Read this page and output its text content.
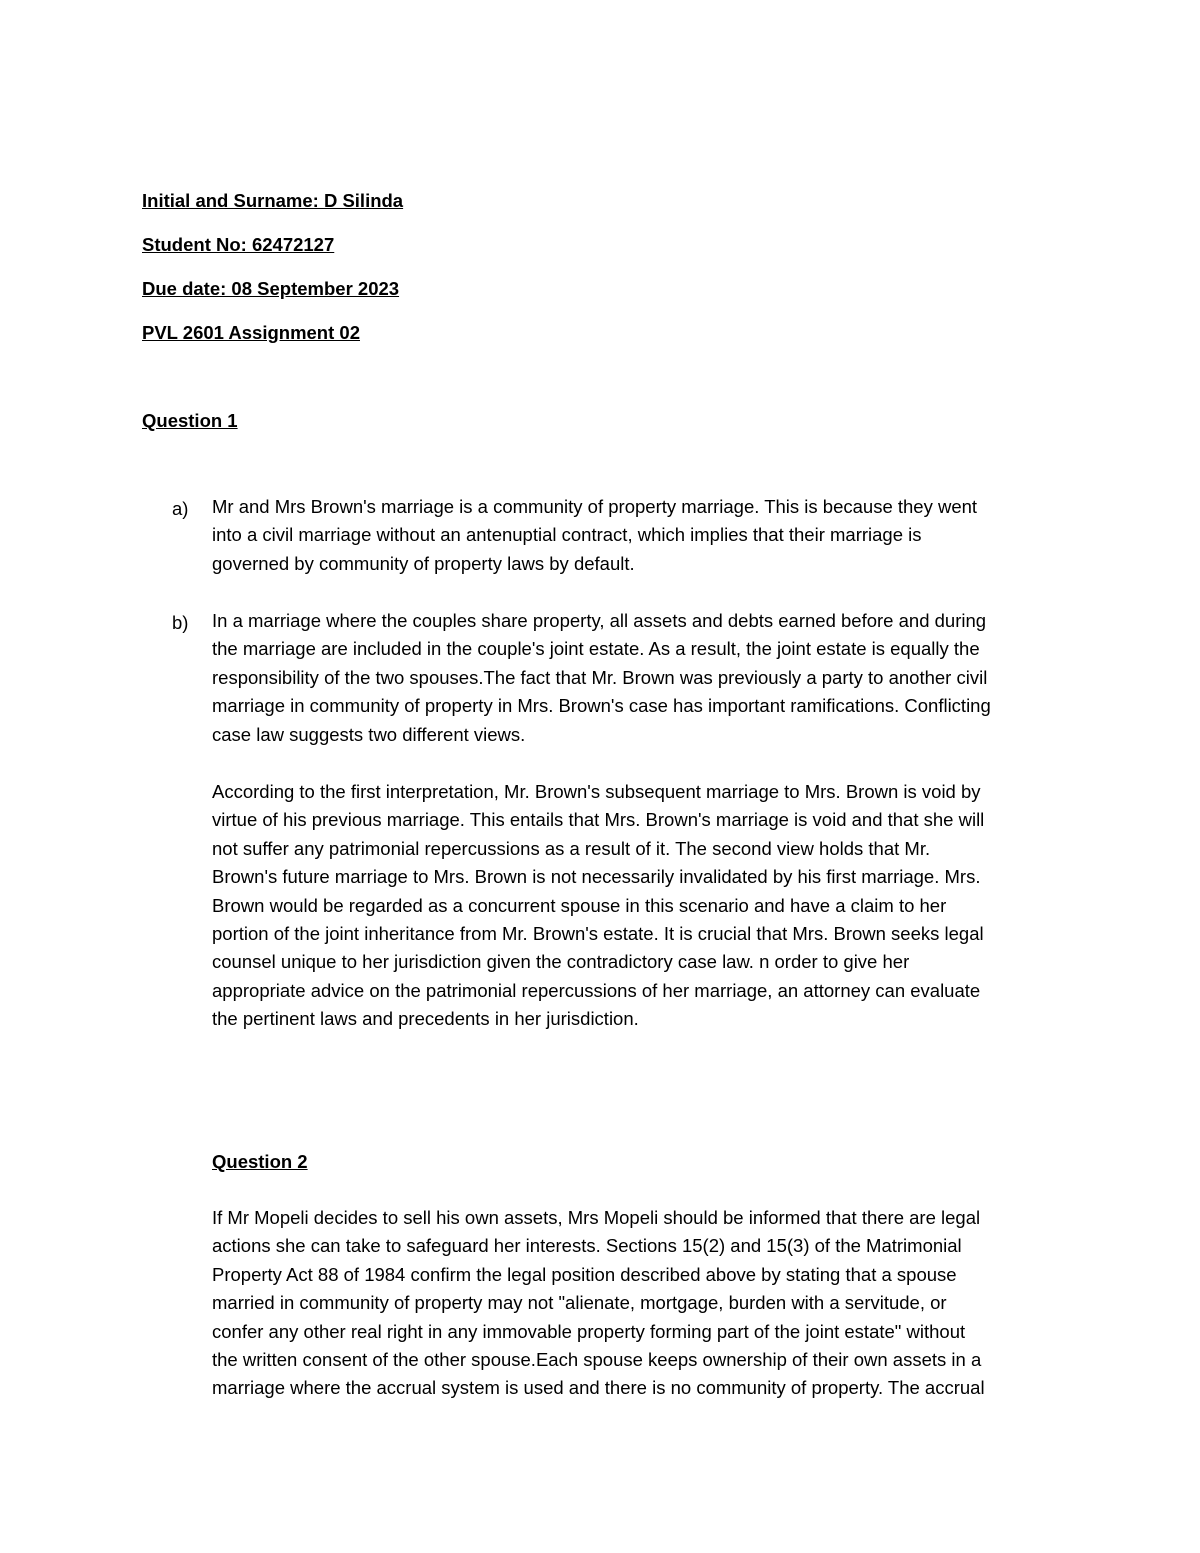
Initial and Surname: D Silinda
Student No: 62472127
Due date: 08 September 2023
PVL 2601 Assignment 02
Question 1
a) Mr and Mrs Brown's marriage is a community of property marriage. This is because they went
into a civil marriage without an antenuptial contract, which implies that their marriage is
governed by community of property laws by default.

b) In a marriage where the couples share property, all assets and debts earned before and during
the marriage are included in the couple's joint estate. As a result, the joint estate is equally the
responsibility of the two spouses.The fact that Mr. Brown was previously a party to another civil
marriage in community of property in Mrs. Brown's case has important ramifications. Conflicting
case law suggests two different views.

According to the first interpretation, Mr. Brown's subsequent marriage to Mrs. Brown is void by
virtue of his previous marriage. This entails that Mrs. Brown's marriage is void and that she will
not suffer any patrimonial repercussions as a result of it. The second view holds that Mr.
Brown's future marriage to Mrs. Brown is not necessarily invalidated by his first marriage. Mrs.
Brown would be regarded as a concurrent spouse in this scenario and have a claim to her
portion of the joint inheritance from Mr. Brown's estate. It is crucial that Mrs. Brown seeks legal
counsel unique to her jurisdiction given the contradictory case law. n order to give her
appropriate advice on the patrimonial repercussions of her marriage, an attorney can evaluate
the pertinent laws and precedents in her jurisdiction.

Question 2

If Mr Mopeli decides to sell his own assets, Mrs Mopeli should be informed that there are legal
actions she can take to safeguard her interests. Sections 15(2) and 15(3) of the Matrimonial
Property Act 88 of 1984 confirm the legal position described above by stating that a spouse
married in community of property may not "alienate, mortgage, burden with a servitude, or
confer any other real right in any immovable property forming part of the joint estate" without
the written consent of the other spouse.Each spouse keeps ownership of their own assets in a
marriage where the accrual system is used and there is no community of property. The accrual
